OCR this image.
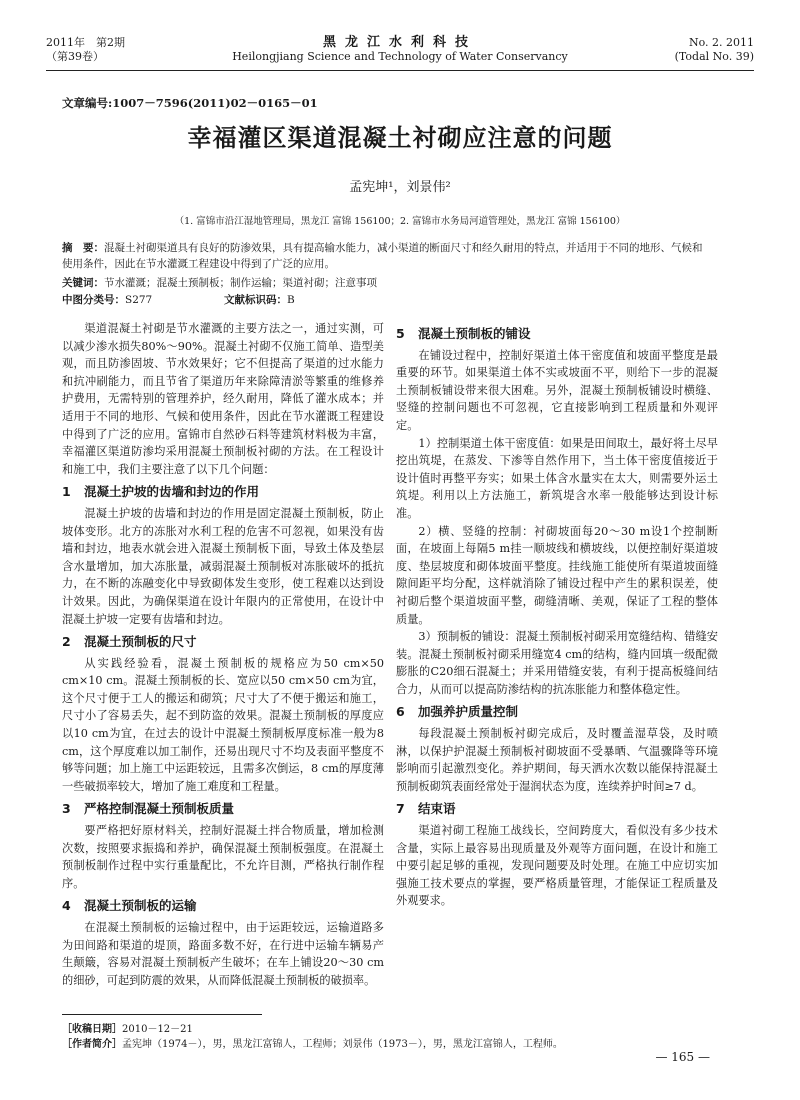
2011年　第2期
（第39卷）
黑龙江水利科技
Heilongjiang Science and Technology of Water Conservancy
No. 2. 2011
(Todal No. 39)
文章编号:1007－7596(2011)02－0165－01
幸福灌区渠道混凝土衬砌应注意的问题
孟宪坤¹，刘景伟²
（1. 富锦市沿江湿地管理局，黑龙江 富锦 156100；2. 富锦市水务局河道管理处，黑龙江 富锦 156100）
摘　要：混凝土衬砌渠道具有良好的防渗效果，具有提高输水能力，减小渠道的断面尺寸和经久耐用的特点，并适用于不同的地形、气候和使用条件，因此在节水灌溉工程建设中得到了广泛的应用。
关键词：节水灌溉；混凝土预制板；制作运输；渠道衬砌；注意事项
中图分类号：S277	文献标识码：B

渠道混凝土衬砌是节水灌溉的主要方法之一，通过实测，可以减少渗水损失80%～90%。混凝土衬砌不仅施工简单、造型美观，而且防渗固坡、节水效果好；它不但提高了渠道的过水能力和抗冲刷能力，而且节省了渠道历年来除障清淤等繁重的维修养护费用，无需特别的管理养护，经久耐用，降低了灌水成本；并适用于不同的地形、气候和使用条件，因此在节水灌溉工程建设中得到了广泛的应用。富锦市自然砂石料等建筑材料极为丰富，幸福灌区渠道防渗均采用混凝土预制板衬砌的方法。在工程设计和施工中，我们主要注意了以下几个问题：

1 混凝土护坡的齿墙和封边的作用

混凝土护坡的齿墙和封边的作用是固定混凝土预制板，防止坡体变形。北方的冻胀对水利工程的危害不可忽视，如果没有齿墙和封边，地表水就会进入混凝土预制板下面，导致土体及垫层含水量增加，加大冻胀量，减弱混凝土预制板对冻胀破坏的抵抗力，在不断的冻融变化中导致砌体发生变形，使工程难以达到设计效果。因此，为确保渠道在设计年限内的正常使用，在设计中混凝土护坡一定要有齿墙和封边。

2 混凝土预制板的尺寸

从实践经验看，混凝土预制板的规格应为50 cm×50 cm×10 cm。混凝土预制板的长、宽应以50 cm×50 cm为宜，这个尺寸便于工人的搬运和砌筑；尺寸大了不便于搬运和施工，尺寸小了容易丢失，起不到防盗的效果。混凝土预制板的厚度应以10 cm为宜，在过去的设计中混凝土预制板厚度标准一般为8 cm，这个厚度难以加工制作，还易出现尺寸不均及表面平整度不够等问题；加上施工中运距较远，且需多次倒运，8 cm的厚度薄一些破损率较大，增加了施工难度和工程量。

3 严格控制混凝土预制板质量

要严格把好原材料关，控制好混凝土拌合物质量，增加检测次数，按照要求振捣和养护，确保混凝土预制板强度。在混凝土预制板制作过程中实行重量配比，不允许目测，严格执行制作程序。

4 混凝土预制板的运输

在混凝土预制板的运输过程中，由于运距较远，运输道路多为田间路和渠道的堤顶，路面多数不好，在行进中运输车辆易产生颠簸，容易对混凝土预制板产生破坏；在车上铺设20～30 cm的细砂，可起到防震的效果，从而降低混凝土预制板的破损率。

5 混凝土预制板的铺设

在铺设过程中，控制好渠道土体干密度值和坡面平整度是最重要的环节。如果渠道土体不实或坡面不平，则给下一步的混凝土预制板铺设带来很大困难。另外，混凝土预制板铺设时横缝、竖缝的控制问题也不可忽视，它直接影响到工程质量和外观评定。

1）控制渠道土体干密度值：如果是田间取土，最好将土尽早挖出筑堤，在蒸发、下渗等自然作用下，当土体干密度值接近于设计值时再整平夯实；如果土体含水量实在太大，则需要外运土筑堤。利用以上方法施工，新筑堤含水率一般能够达到设计标准。

2）横、竖缝的控制：衬砌坡面每20～30 m设1个控制断面，在坡面上每隔5 m挂一顺坡线和横坡线，以便控制好渠道坡度、垫层坡度和砌体坡面平整度。挂线施工能使所有渠道坡面缝隙间距平均分配，这样就消除了铺设过程中产生的累积误差，使衬砌后整个渠道坡面平整，砌缝清晰、美观，保证了工程的整体质量。

3）预制板的铺设：混凝土预制板衬砌采用宽缝结构、错缝安装。混凝土预制板衬砌采用缝宽4 cm的结构，缝内回填一级配微膨胀的C20细石混凝土；并采用错缝安装，有利于提高板缝间结合力，从而可以提高防渗结构的抗冻胀能力和整体稳定性。

6 加强养护质量控制

每段混凝土预制板衬砌完成后，及时覆盖湿草袋，及时喷淋，以保护护混凝土预制板衬砌坡面不受暴晒、气温骤降等环境影响而引起激烈变化。养护期间，每天洒水次数以能保持混凝土预制板砌筑表面经常处于湿润状态为度，连续养护时间≥7 d。

7 结束语

渠道衬砌工程施工战线长，空间跨度大，看似没有多少技术含量，实际上最容易出现质量及外观等方面问题，在设计和施工中要引起足够的重视，发现问题要及时处理。在施工中应切实加强施工技术要点的掌握，要严格质量管理，才能保证工程质量及外观要求。

［收稿日期］2010－12－21
［作者简介］孟宪坤（1974－），男，黑龙江富锦人，工程师；刘景伟（1973－），男，黑龙江富锦人，工程师。
— 165 —
